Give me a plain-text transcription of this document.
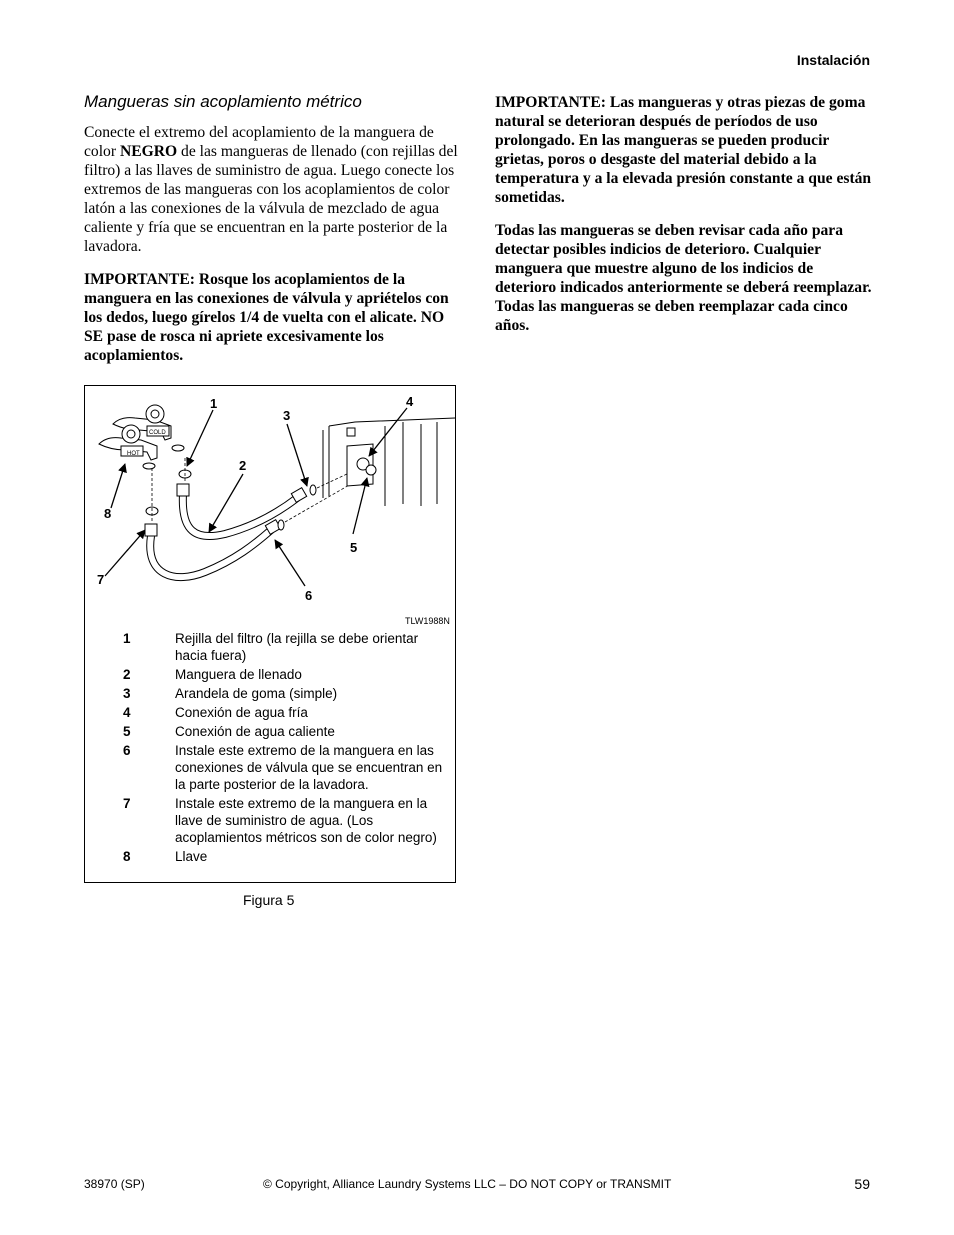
Instalación
Mangueras sin acoplamiento métrico

Conecte el extremo del acoplamiento de la manguera de color NEGRO de las mangueras de llenado (con rejillas del filtro) a las llaves de suministro de agua. Luego conecte los extremos de las mangueras con los acoplamientos de color latón a las conexiones de la válvula de mezclado de agua caliente y fría que se encuentran en la parte posterior de la lavadora.

IMPORTANTE: Rosque los acoplamientos de la manguera en las conexiones de válvula y apriételos con los dedos, luego gírelos 1/4 de vuelta con el alicate. NO SE pase de rosca ni apriete excesivamente los acoplamientos.

IMPORTANTE: Las mangueras y otras piezas de goma natural se deterioran después de períodos de uso prolongado. En las mangueras se pueden producir grietas, poros o desgaste del material debido a la temperatura y a la elevada presión constante a que están sometidas.

Todas las mangueras se deben revisar cada año para detectar posibles indicios de deterioro. Cualquier manguera que muestre alguno de los indicios de deterioro indicados anteriormente se deberá reemplazar. Todas las mangueras se deben reemplazar cada cinco años.

COLD
HOT
1
2
3
4
5
6
7
8
TLW1988N
1	Rejilla del filtro (la rejilla se debe orientar hacia fuera)
2	Manguera de llenado
3	Arandela de goma (simple)
4	Conexión de agua fría
5	Conexión de agua caliente
6	Instale este extremo de la manguera en las conexiones de válvula que se encuentran en la parte posterior de la lavadora.
7	Instale este extremo de la manguera en la llave de suministro de agua. (Los acoplamientos métricos son de color negro)
8	Llave
Figura 5
38970 (SP)	© Copyright, Alliance Laundry Systems LLC – DO NOT COPY or TRANSMIT	59
